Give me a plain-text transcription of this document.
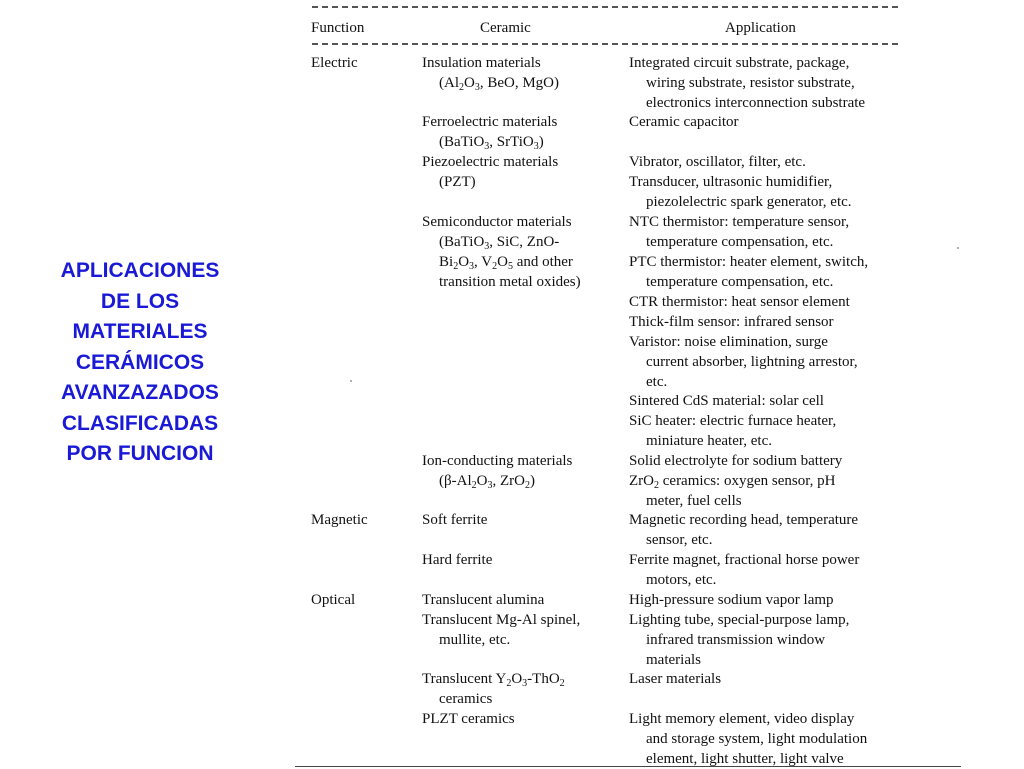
APLICACIONES
DE LOS
MATERIALES
CERÁMICOS
AVANZAZADOS
CLASIFICADAS
POR FUNCION
Function	Ceramic	Application
Electric
Magnetic
Optical
Insulation materials
($Al_2O_3$, BeO, MgO)
Ferroelectric materials
(BaTiO$_3$, SrTiO$_3$)
Piezoelectric materials
(PZT)
Semiconductor materials
(BaTiO$_3$, SiC, ZnO-
$Bi_2O_3$, $V_2O_5$ and other
transition metal oxides)
Ion-conducting materials
($\beta-Al_2O_3$, ZrO$_2$)
Soft ferrite
Hard ferrite
Translucent alumina
Translucent Mg-Al spinel,
mullite, etc.
Translucent $Y_2O_3-ThO_2$
ceramics
PLZT ceramics
Integrated circuit substrate, package,
wiring substrate, resistor substrate,
electronics interconnection substrate
Ceramic capacitor
Vibrator, oscillator, filter, etc.
Transducer, ultrasonic humidifier,
piezolelectric spark generator, etc.
NTC thermistor: temperature sensor,
temperature compensation, etc.
PTC thermistor: heater element, switch,
temperature compensation, etc.
CTR thermistor: heat sensor element
Thick-film sensor: infrared sensor
Varistor: noise elimination, surge
current absorber, lightning arrestor,
etc.
Sintered CdS material: solar cell
SiC heater: electric furnace heater,
miniature heater, etc.
Solid electrolyte for sodium battery
ZrO$_2$ ceramics: oxygen sensor, pH
meter, fuel cells
Magnetic recording head, temperature
sensor, etc.
Ferrite magnet, fractional horse power
motors, etc.
High-pressure sodium vapor lamp
Lighting tube, special-purpose lamp,
infrared transmission window
materials
Laser materials
Light memory element, video display
and storage system, light modulation
element, light shutter, light valve
